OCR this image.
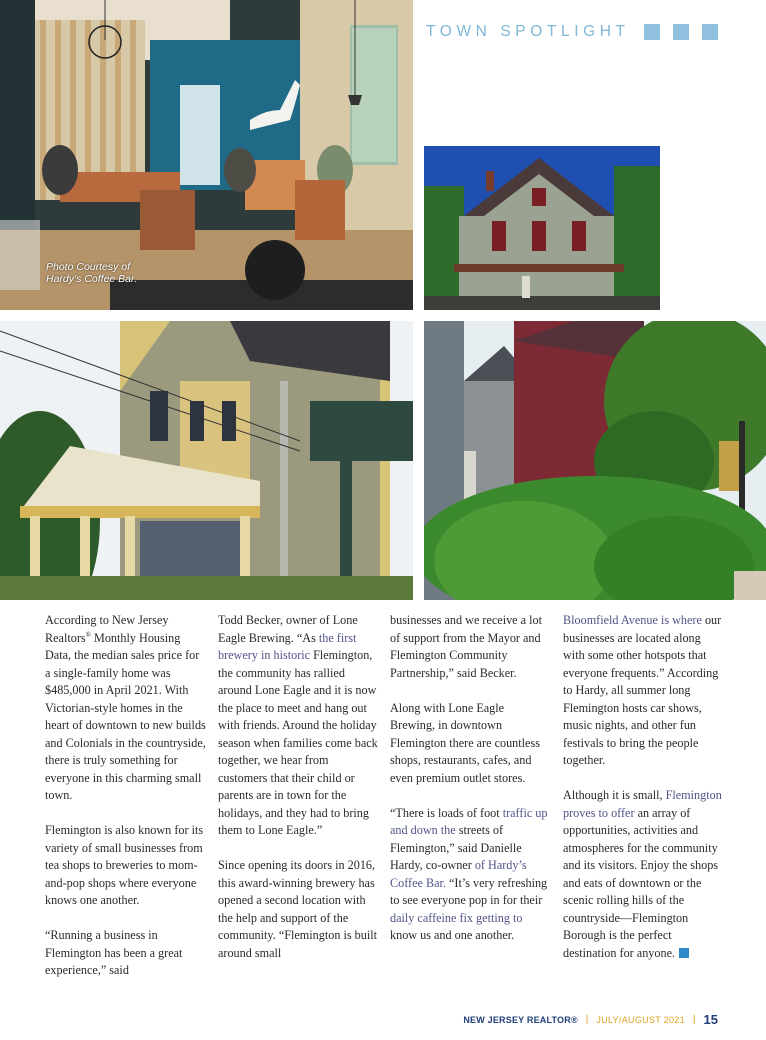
Photo Courtesy of
Hardy’s Coffee Bar.
TOWN SPOTLIGHT

According to New Jersey Realtors® Monthly Housing Data, the median sales price for a single-family home was $485,000 in April 2021. With Victorian-style homes in the heart of downtown to new builds and Colonials in the countryside, there is truly something for everyone in this charming small town.

Flemington is also known for its variety of small businesses from tea shops to breweries to mom-and-pop shops where everyone knows one another.

“Running a business in Flemington has been a great experience,” said

Todd Becker, owner of Lone Eagle Brewing. “As the first brewery in historic Flemington, the community has rallied around Lone Eagle and it is now the place to meet and hang out with friends. Around the holiday season when families come back together, we hear from customers that their child or parents are in town for the holidays, and they had to bring them to Lone Eagle.”

Since opening its doors in 2016, this award-winning brewery has opened a second location with the help and support of the community. “Flemington is built around small

businesses and we receive a lot of support from the Mayor and Flemington Community Partnership,” said Becker.

Along with Lone Eagle Brewing, in downtown Flemington there are countless shops, restaurants, cafes, and even premium outlet stores.

“There is loads of foot traffic up and down the streets of Flemington,” said Danielle Hardy, co-owner of Hardy’s Coffee Bar. “It’s very refreshing to see everyone pop in for their daily caffeine fix getting to know us and one another.

Bloomfield Avenue is where our businesses are located along with some other hotspots that everyone frequents.” According to Hardy, all summer long Flemington hosts car shows, music nights, and other fun festivals to bring the people together.

Although it is small, Flemington proves to offer an array of opportunities, activities and atmospheres for the community and its visitors. Enjoy the shops and eats of downtown or the scenic rolling hills of the countryside—Flemington Borough is the perfect destination for anyone.

NEW JERSEY REALTOR® | JULY/AUGUST 2021 | 15
